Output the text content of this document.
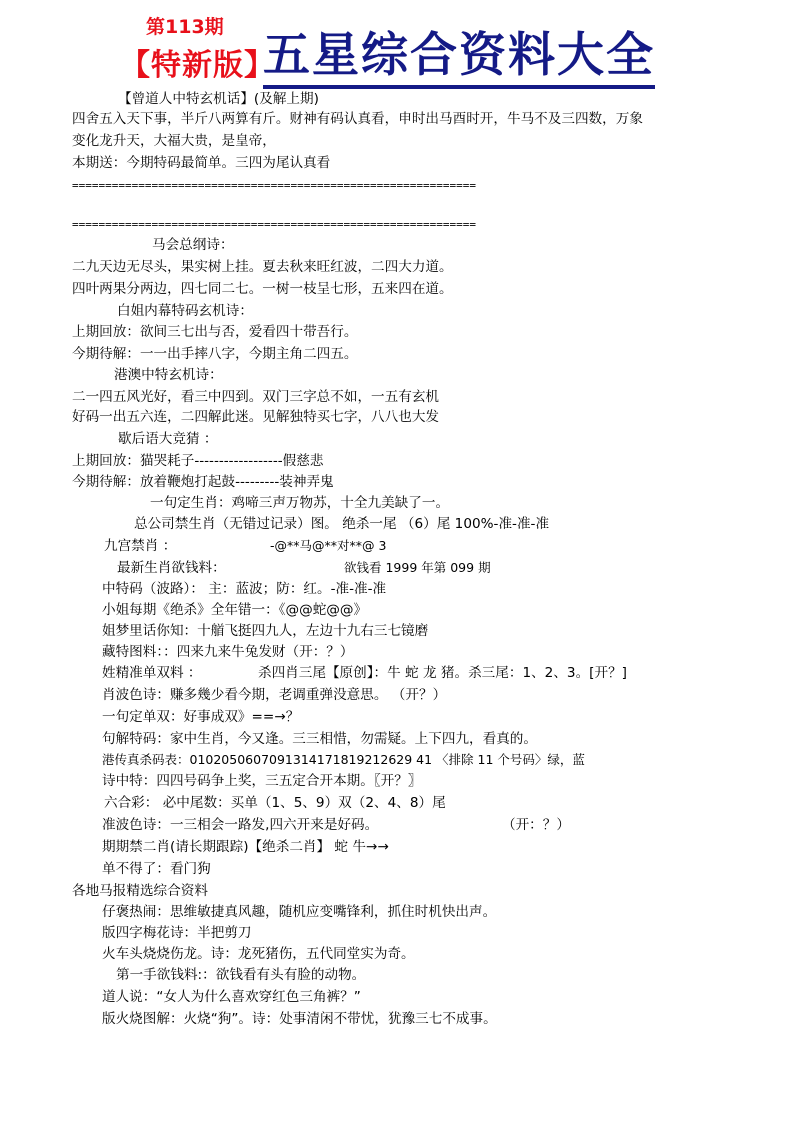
第113期
【特新版】
五星综合资料大全
【曾道人中特玄机话】(及解上期)
四舍五入天下事，半斤八两算有斤。财神有码认真看，申时出马酉时开，牛马不及三四数，万象
变化龙升天，大福大贵，是皇帝，
本期送：今期特码最简单。三四为尾认真看
=============================================================
=============================================================
马会总纲诗：
二九天边无尽头，果实树上挂。夏去秋来旺红波，二四大力道。
四叶两果分两边，四七同二七。一树一枝呈七形，五来四在道。
白姐内幕特码玄机诗：
上期回放：欲间三七出与否，爱看四十带吾行。
今期待解：一一出手摔八字，今期主角二四五。
港澳中特玄机诗：
二一四五风光好，看三中四到。双门三字总不如，一五有玄机
好码一出五六连，二四解此迷。见解独特买七字，八八也大发
歇后语大竞猜 ：
上期回放：猫哭耗子------------------假慈悲
今期待解：放着鞭炮打起鼓---------装神弄鬼
一句定生肖：鸡啼三声万物苏，十全九美缺了一。
总公司禁生肖（无错过记录）图。 绝杀一尾 （6）尾 100%-准-准-准
九宫禁肖 ：	-@**马@**对**@ 3
最新生肖欲钱料：	欲钱看 1999 年第 099 期
中特码（波路）： 主：蓝波；防：红。-准-准-准
小姐每期《绝杀》全年错一：《@@蛇@@》
姐梦里话你知：十艏飞挺四九人，左边十九右三七镜磨
藏特图料：：四来九来牛兔发财（开：？）
姓精准单双料 ：	杀四肖三尾【原创】：牛 蛇 龙 猪。杀三尾：1、2、3。[开？]
肖波色诗：赚多幾少看今期，老调重弹没意思。 （开？）
一句定单双：好事成双》==→？
句解特码：家中生肖，今又逢。三三相惜，勿需疑。上下四九，看真的。
港传真杀码表：0102050607091314171819212629 41 〈排除 11 个号码〉绿，蓝
诗中特：四四号码争上奖，三五定合开本期。〖开？〗
六合彩： 必中尾数：买单（1、5、9）双（2、4、8）尾
准波色诗：一三相会一路发,四六开来是好码。	（开：？）
期期禁二肖(请长期跟踪)【绝杀二肖】 蛇 牛→→
单不得了：看门狗
各地马报精选综合资料
仔褒热闹：思维敏捷真风趣，随机应变嘴锋利，抓住时机快出声。
版四字梅花诗：半把剪刀
火车头烧烧伤龙。诗：龙死猪伤，五代同堂实为奇。
第一手欲钱料:：欲钱看有头有脸的动物。
道人说：“女人为什么喜欢穿红色三角裤？”
版火烧图解：火烧“狗”。诗：处事清闲不带忧，犹豫三七不成事。
